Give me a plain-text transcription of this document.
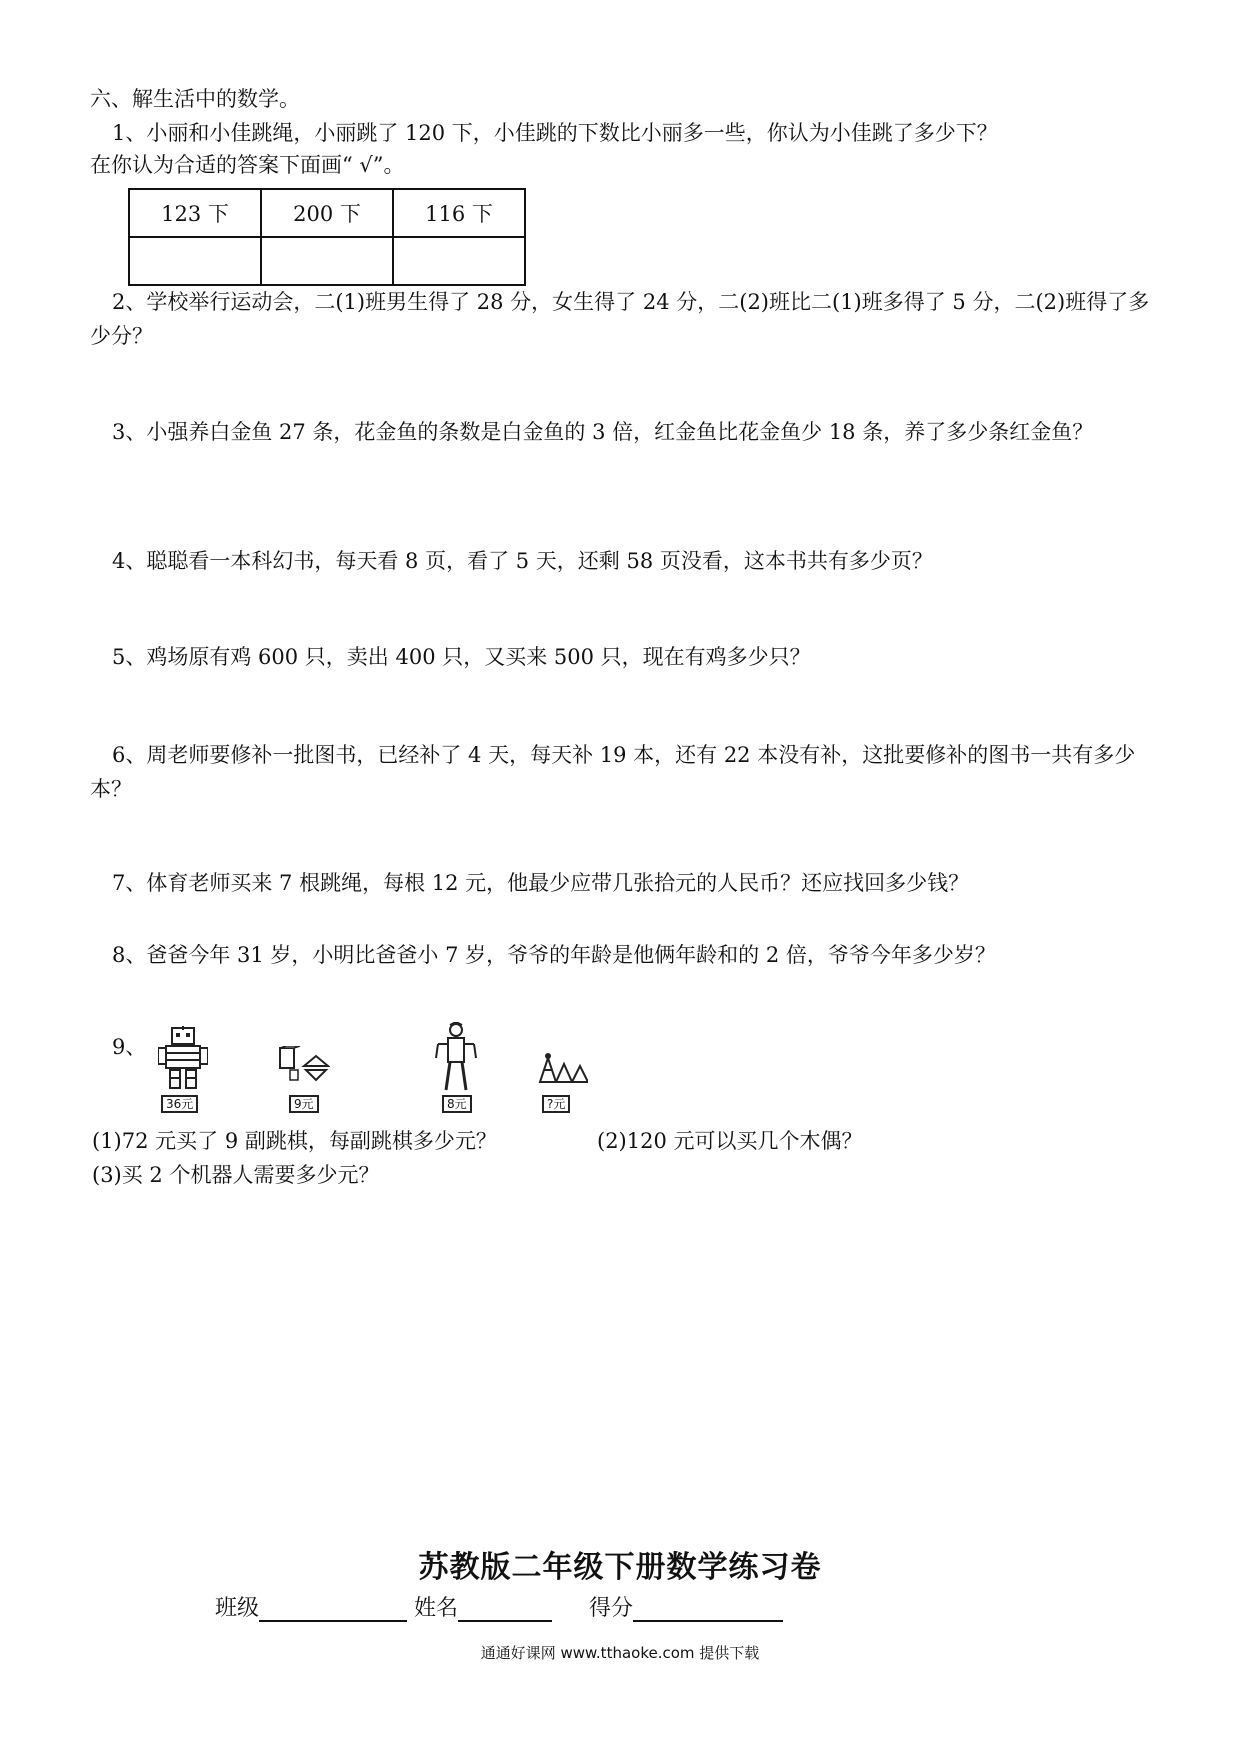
六、解生活中的数学。
1、小丽和小佳跳绳，小丽跳了 120 下，小佳跳的下数比小丽多一些，你认为小佳跳了多少下？
在你认为合适的答案下面画“ √”。
123 下	200 下	116 下

2、学校举行运动会，二(1)班男生得了 28 分，女生得了 24 分，二(2)班比二(1)班多得了 5 分，二(2)班得了多少分？
3、小强养白金鱼 27 条，花金鱼的条数是白金鱼的 3 倍，红金鱼比花金鱼少 18 条，养了多少条红金鱼？
4、聪聪看一本科幻书，每天看 8 页，看了 5 天，还剩 58 页没看，这本书共有多少页？
5、鸡场原有鸡 600 只，卖出 400 只，又买来 500 只，现在有鸡多少只？
6、周老师要修补一批图书，已经补了 4 天，每天补 19 本，还有 22 本没有补，这批要修补的图书一共有多少本？
7、体育老师买来 7 根跳绳，每根 12 元，他最少应带几张拾元的人民币？还应找回多少钱？
8、爸爸今年 31 岁，小明比爸爸小 7 岁，爷爷的年龄是他俩年龄和的 2 倍，爷爷今年多少岁？
9、
36元	9元	8元	?元
(1)72 元买了 9 副跳棋，每副跳棋多少元？	(2)120 元可以买几个木偶？
(3)买 2 个机器人需要多少元？
苏教版二年级下册数学练习卷
班级	姓名	得分
通通好课网 www.tthaoke.com 提供下载
